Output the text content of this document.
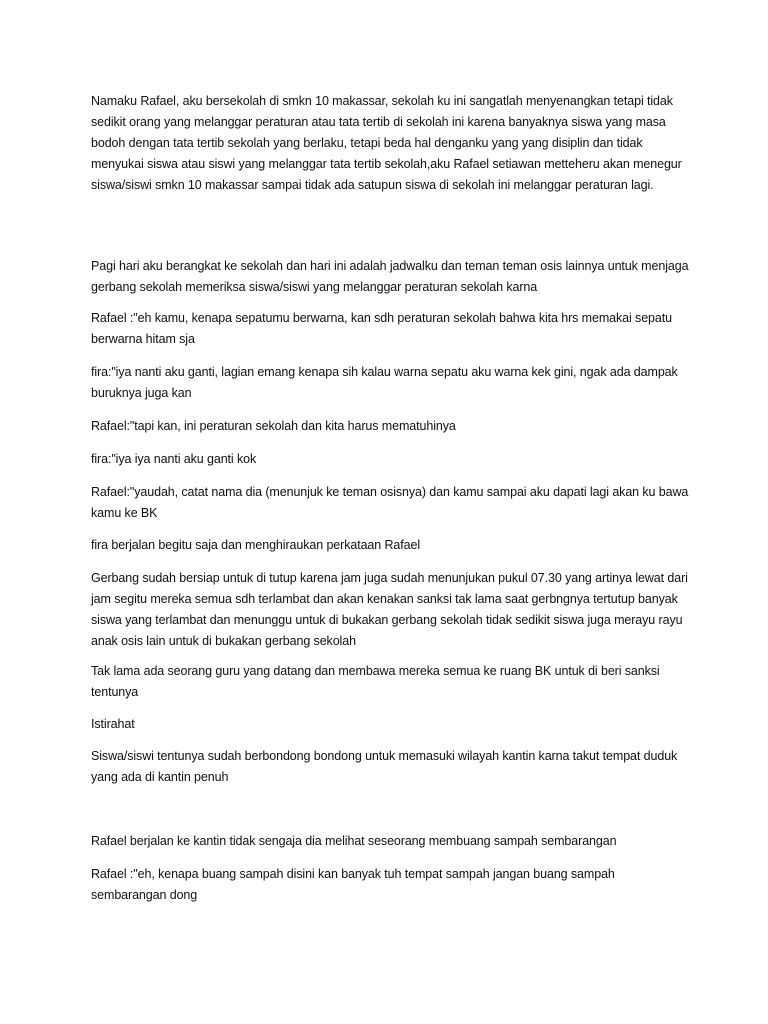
Namaku Rafael, aku bersekolah di smkn 10 makassar, sekolah ku ini sangatlah menyenangkan tetapi tidak sedikit orang yang melanggar peraturan atau tata tertib di sekolah ini karena banyaknya siswa yang masa bodoh dengan tata tertib sekolah yang berlaku, tetapi beda hal denganku yang yang disiplin dan tidak menyukai siswa atau siswi yang melanggar tata tertib sekolah,aku Rafael setiawan metteheru akan menegur siswa/siswi smkn 10 makassar sampai tidak ada satupun siswa di sekolah ini melanggar peraturan lagi.

Pagi hari aku berangkat ke sekolah dan hari ini adalah jadwalku dan teman teman osis lainnya untuk menjaga gerbang sekolah memeriksa siswa/siswi yang melanggar peraturan sekolah karna

Rafael :"eh kamu, kenapa sepatumu berwarna, kan sdh peraturan sekolah bahwa kita hrs memakai sepatu berwarna hitam sja

fira:"iya nanti aku ganti, lagian emang kenapa sih kalau warna sepatu aku warna kek gini, ngak ada dampak buruknya juga kan

Rafael:"tapi kan, ini peraturan sekolah dan kita harus mematuhinya

fira:"iya iya nanti aku ganti kok

Rafael:"yaudah, catat nama dia (menunjuk ke teman osisnya) dan kamu sampai aku dapati lagi akan ku bawa kamu ke BK

fira berjalan begitu saja dan menghiraukan perkataan Rafael

Gerbang sudah bersiap untuk di tutup karena jam juga sudah menunjukan pukul 07.30 yang artinya lewat dari jam segitu mereka semua sdh terlambat dan akan kenakan sanksi tak lama saat gerbngnya tertutup banyak siswa yang terlambat dan menunggu untuk di bukakan gerbang sekolah tidak sedikit siswa juga merayu rayu anak osis lain untuk di bukakan gerbang sekolah

Tak lama ada seorang guru yang datang dan membawa mereka semua ke ruang BK untuk di beri sanksi tentunya

Istirahat

Siswa/siswi tentunya sudah berbondong bondong untuk memasuki wilayah kantin karna takut tempat duduk yang ada di kantin penuh

Rafael berjalan ke kantin tidak sengaja dia melihat seseorang membuang sampah sembarangan

Rafael :"eh, kenapa buang sampah disini kan banyak tuh tempat sampah jangan buang sampah sembarangan dong
